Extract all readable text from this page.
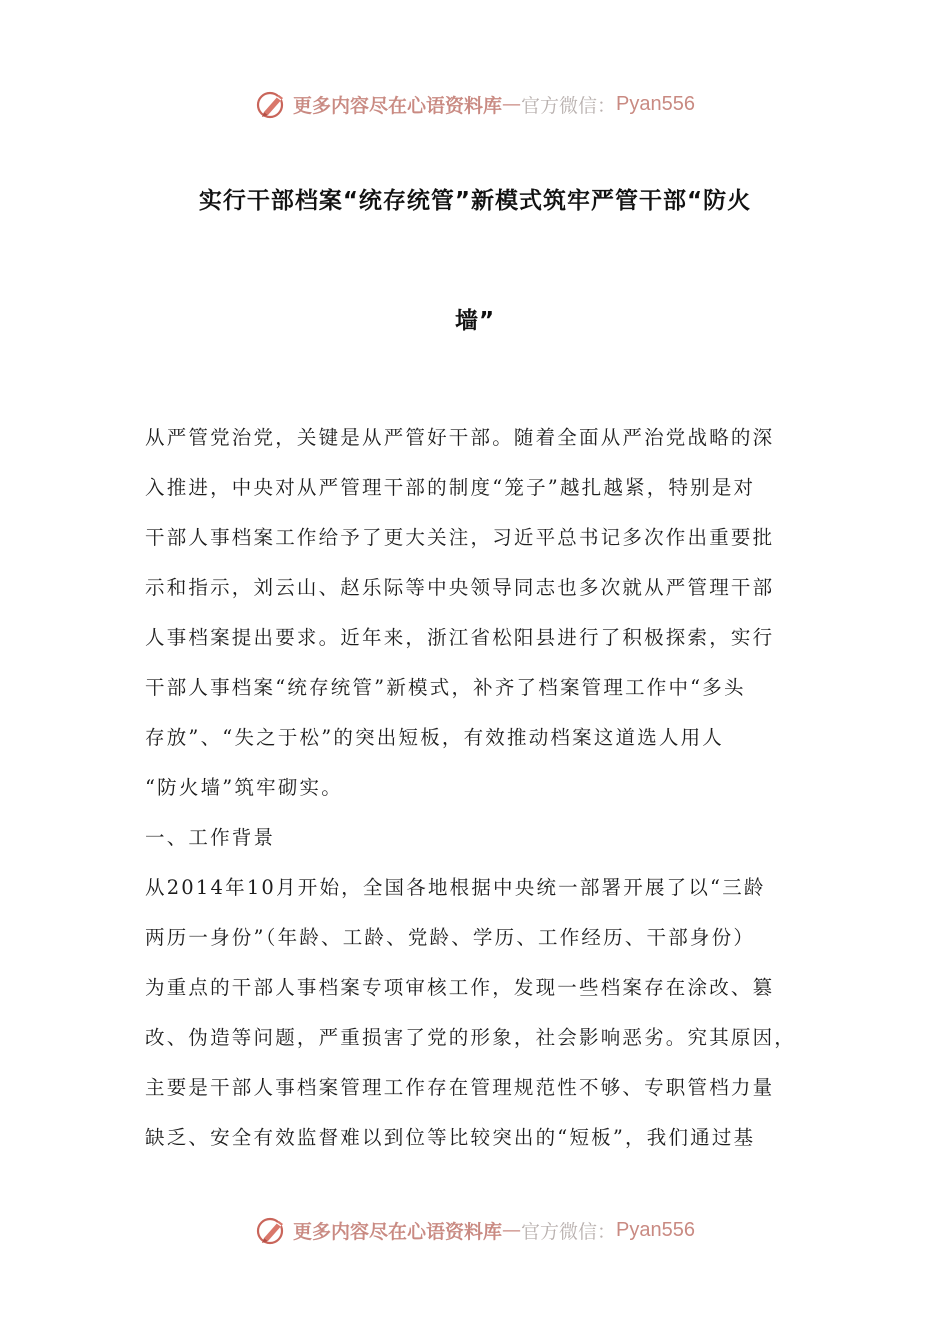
更多内容尽在心语资料库 — 官方微信： Pyan556
实行干部档案“统存统管”新模式筑牢严管干部“防火
墙”
从严管党治党，关键是从严管好干部。随着全面从严治党战略的深
入推进，中央对从严管理干部的制度“笼子”越扎越紧，特别是对
干部人事档案工作给予了更大关注，习近平总书记多次作出重要批
示和指示，刘云山、赵乐际等中央领导同志也多次就从严管理干部
人事档案提出要求。近年来，浙江省松阳县进行了积极探索，实行
干部人事档案“统存统管”新模式，补齐了档案管理工作中“多头
存放”、“失之于松”的突出短板，有效推动档案这道选人用人
“防火墙”筑牢砌实。
一、工作背景
从2014年10月开始，全国各地根据中央统一部署开展了以“三龄
两历一身份”（年龄、工龄、党龄、学历、工作经历、干部身份）
为重点的干部人事档案专项审核工作，发现一些档案存在涂改、篡
改、伪造等问题，严重损害了党的形象，社会影响恶劣。究其原因，
主要是干部人事档案管理工作存在管理规范性不够、专职管档力量
缺乏、安全有效监督难以到位等比较突出的“短板”，我们通过基
更多内容尽在心语资料库 — 官方微信： Pyan556
